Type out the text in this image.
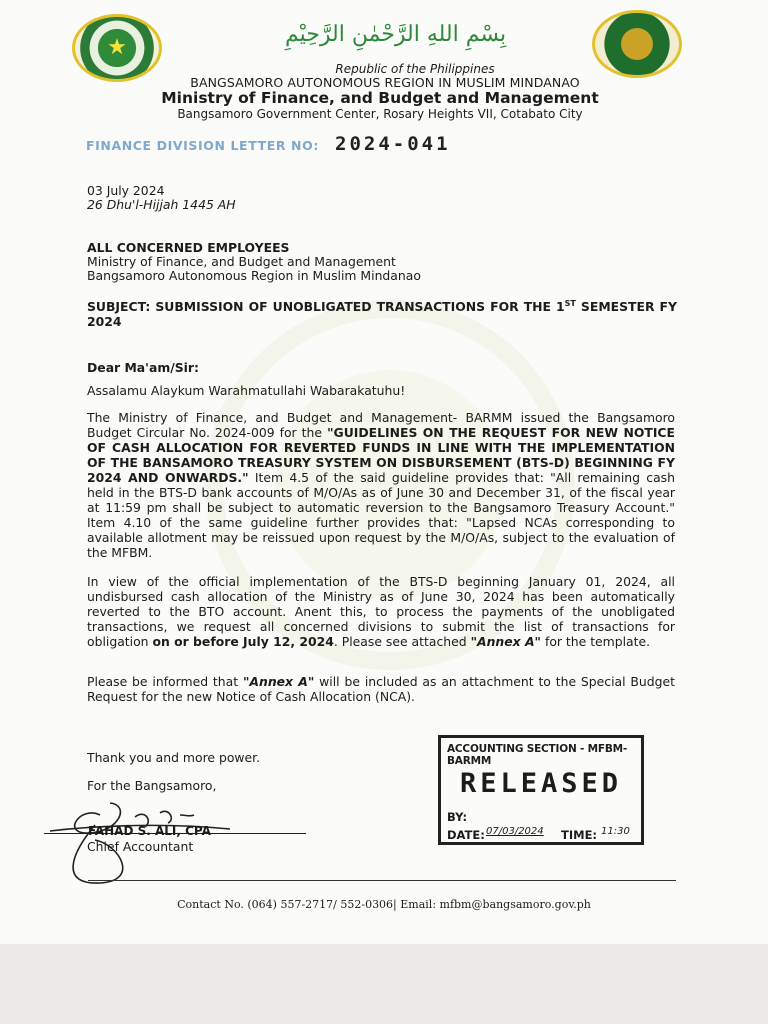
★
بِسْمِ اللهِ الرَّحْمٰنِ الرَّحِيْمِ
Republic of the Philippines
BANGSAMORO AUTONOMOUS REGION IN MUSLIM MINDANAO
Ministry of Finance, and Budget and Management
Bangsamoro Government Center, Rosary Heights VII, Cotabato City
FINANCE DIVISION LETTER NO: 2024-041
03 July 2024
26 Dhu'l-Hijjah 1445 AH
ALL CONCERNED EMPLOYEES
Ministry of Finance, and Budget and Management
Bangsamoro Autonomous Region in Muslim Mindanao
SUBJECT: SUBMISSION OF UNOBLIGATED TRANSACTIONS FOR THE 1ST SEMESTER FY 2024
Dear Ma'am/Sir:
Assalamu Alaykum Warahmatullahi Wabarakatuhu!
The Ministry of Finance, and Budget and Management- BARMM issued the Bangsamoro Budget Circular No. 2024-009 for the "GUIDELINES ON THE REQUEST FOR NEW NOTICE OF CASH ALLOCATION FOR REVERTED FUNDS IN LINE WITH THE IMPLEMENTATION OF THE BANSAMORO TREASURY SYSTEM ON DISBURSEMENT (BTS-D) BEGINNING FY 2024 AND ONWARDS." Item 4.5 of the said guideline provides that: "All remaining cash held in the BTS-D bank accounts of M/O/As as of June 30 and December 31, of the fiscal year at 11:59 pm shall be subject to automatic reversion to the Bangsamoro Treasury Account." Item 4.10 of the same guideline further provides that: "Lapsed NCAs corresponding to available allotment may be reissued upon request by the M/O/As, subject to the evaluation of the MFBM.
In view of the official implementation of the BTS-D beginning January 01, 2024, all undisbursed cash allocation of the Ministry as of June 30, 2024 has been automatically reverted to the BTO account. Anent this, to process the payments of the unobligated transactions, we request all concerned divisions to submit the list of transactions for obligation on or before July 12, 2024. Please see attached "Annex A" for the template.
Please be informed that "Annex A" will be included as an attachment to the Special Budget Request for the new Notice of Cash Allocation (NCA).
Thank you and more power.
For the Bangsamoro,
FAHAD S. ALI, CPA
Chief Accountant
ACCOUNTING SECTION - MFBM-BARMM
RELEASED
BY:
DATE: 07/03/2024 TIME: 11:30
Contact No. (064) 557-2717/ 552-0306| Email: mfbm@bangsamoro.gov.ph
